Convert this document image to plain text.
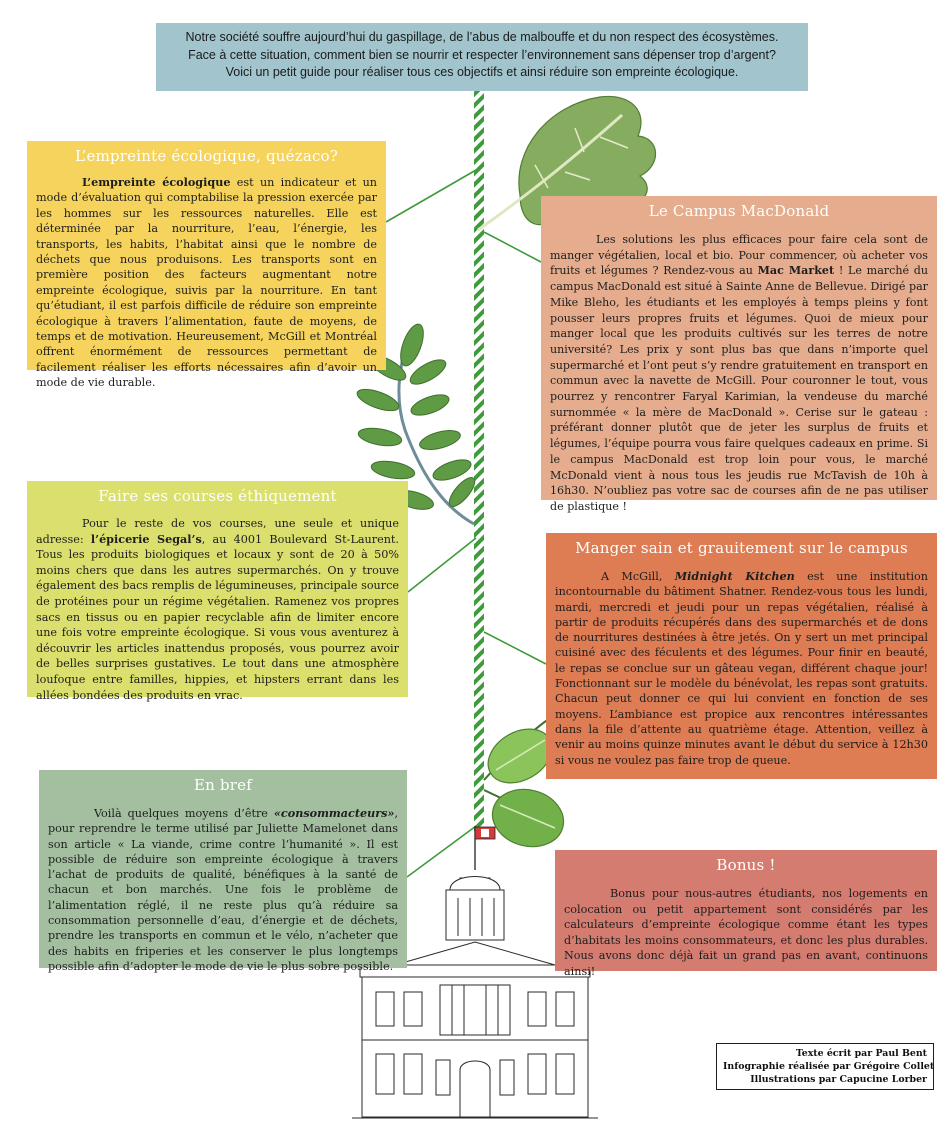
Notre société souffre aujourd’hui du gaspillage, de l’abus de malbouffe et du non respect des écosystèmes.
Face à cette situation, comment bien se nourrir et respecter l’environnement sans dépenser trop d’argent?
Voici un petit guide pour réaliser tous ces objectifs et ainsi réduire son empreinte écologique.
L’empreinte écologique, quézaco?

L’empreinte écologique est un indicateur et un mode d’évaluation qui comptabilise la pression exercée par les hommes sur les ressources naturelles. Elle est déterminée par la nourriture, l’eau, l’énergie, les transports, les habits, l’habitat ainsi que le nombre de déchets que nous produisons. Les transports sont en première position des facteurs augmentant notre empreinte écologique, suivis par la nourriture. En tant qu’étudiant, il est parfois difficile de réduire son empreinte écologique à travers l’alimentation, faute de moyens, de temps et de motivation. Heureusement, McGill et Montréal offrent énormément de ressources permettant de facilement réaliser les efforts nécessaires afin d’avoir un mode de vie durable.

Le Campus MacDonald

Les solutions les plus efficaces pour faire cela sont de manger végétalien, local et bio. Pour commencer, où acheter vos fruits et légumes ? Rendez-vous au Mac Market ! Le marché du campus MacDonald est situé à Sainte Anne de Bellevue. Dirigé par Mike Bleho, les étudiants et les employés à temps pleins y font pousser leurs propres fruits et légumes. Quoi de mieux pour manger local que les produits cultivés sur les terres de notre université? Les prix y sont plus bas que dans n’importe quel supermarché et l’ont peut s’y rendre gratuitement en transport en commun avec la navette de McGill. Pour couronner le tout, vous pourrez y rencontrer Faryal Karimian, la vendeuse du marché surnommée « la mère de MacDonald ». Cerise sur le gateau : préférant donner plutôt que de jeter les surplus de fruits et légumes, l’équipe pourra vous faire quelques cadeaux en prime. Si le campus MacDonald est trop loin pour vous, le marché McDonald vient à nous tous les jeudis rue McTavish de 10h à 16h30. N’oubliez pas votre sac de courses afin de ne pas utiliser de plastique !

Faire ses courses éthiquement

Pour le reste de vos courses, une seule et unique adresse: l’épicerie Segal’s, au 4001 Boulevard St-Laurent. Tous les produits biologiques et locaux y sont de 20 à 50% moins chers que dans les autres supermarchés. On y trouve également des bacs remplis de légumineuses, principale source de protéines pour un régime végétalien. Ramenez vos propres sacs en tissus ou en papier recyclable afin de limiter encore une fois votre empreinte écologique. Si vous vous aventurez à découvrir les articles inattendus proposés, vous pourrez avoir de belles surprises gustatives. Le tout dans une atmosphère loufoque entre familles, hippies, et hipsters errant dans les allées bondées des produits en vrac.

Manger sain et grauitement sur le campus

A McGill, Midnight Kitchen est une institution incontournable du bâtiment Shatner. Rendez-vous tous les lundi, mardi, mercredi et jeudi pour un repas végétalien, réalisé à partir de produits récupérés dans des supermarchés et de dons de nourritures destinées à être jetés. On y sert un met principal cuisiné avec des féculents et des légumes. Pour finir en beauté, le repas se conclue sur un gâteau vegan, différent chaque jour! Fonctionnant sur le modèle du bénévolat, les repas sont gratuits. Chacun peut donner ce qui lui convient en fonction de ses moyens. L’ambiance est propice aux rencontres intéressantes dans la file d’attente au quatrième étage. Attention, veillez à venir au moins quinze minutes avant le début du service à 12h30 si vous ne voulez pas faire trop de queue.

En bref

Voilà quelques moyens d’être «consommacteurs», pour reprendre le terme utilisé par Juliette Mamelonet dans son article « La viande, crime contre l’humanité ». Il est possible de réduire son empreinte écologique à travers l’achat de produits de qualité, bénéfiques à la santé de chacun et bon marchés. Une fois le problème de l’alimentation réglé, il ne reste plus qu’à réduire sa consommation personnelle d’eau, d’énergie et de déchets, prendre les transports en commun et le vélo, n’acheter que des habits en friperies et les conserver le plus longtemps possible afin d’adopter le mode de vie le plus sobre possible.

Bonus !

Bonus pour nous-autres étudiants, nos logements en colocation ou petit appartement sont considérés par les calculateurs d’empreinte écologique comme étant les types d’habitats les moins consommateurs, et donc les plus durables. Nous avons donc déjà fait un grand pas en avant, continuons ainsi!

Texte écrit par Paul Bent
Infographie réalisée par Grégoire Collet
Illustrations par Capucine Lorber
